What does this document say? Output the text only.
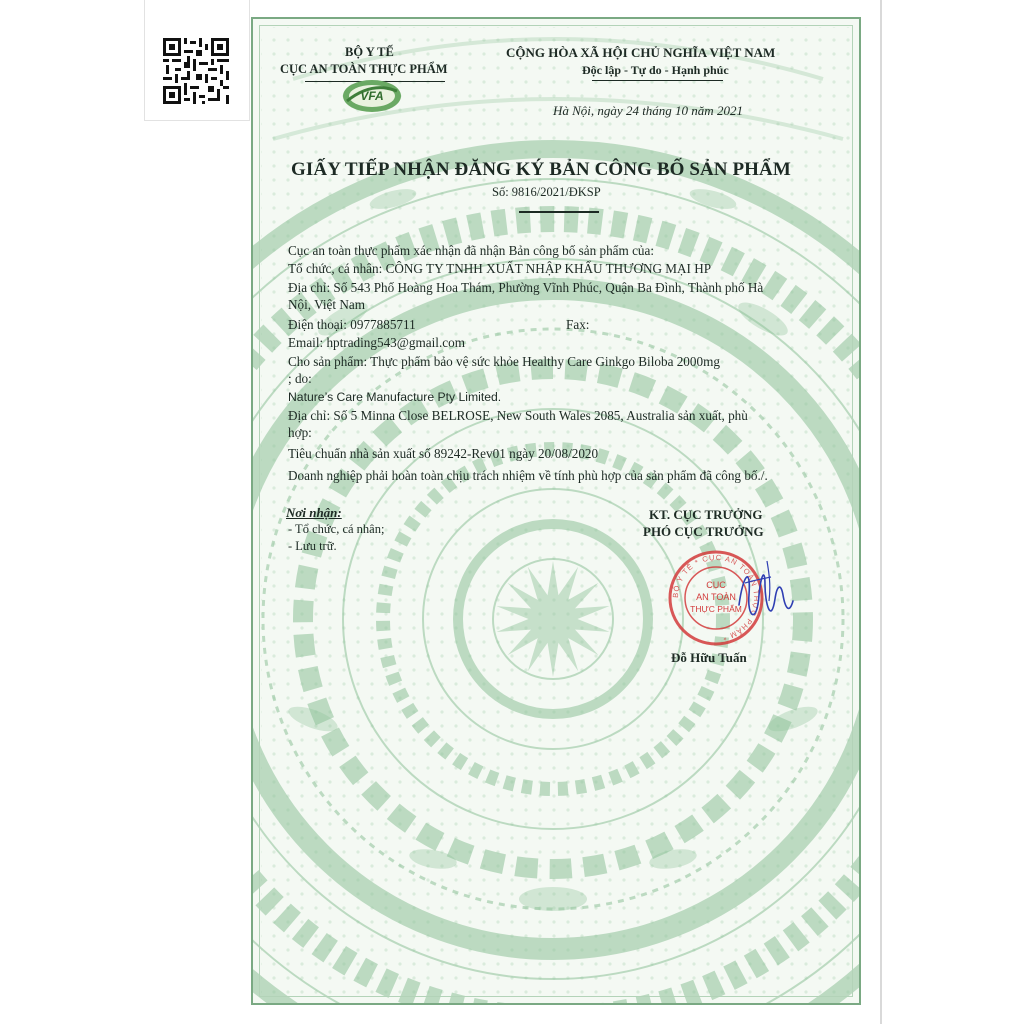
BỘ Y TẾ
CỤC AN TOÀN THỰC PHẨM
VFA
CỘNG HÒA XÃ HỘI CHỦ NGHĨA VIỆT NAM
Độc lập - Tự do - Hạnh phúc
Hà Nội, ngày 24 tháng 10 năm 2021
GIẤY TIẾP NHẬN ĐĂNG KÝ BẢN CÔNG BỐ SẢN PHẨM
Số: 9816/2021/ĐKSP
Cục an toàn thực phẩm xác nhận đã nhận Bản công bố sản phẩm của:
Tổ chức, cá nhân: CÔNG TY TNHH XUẤT NHẬP KHẨU THƯƠNG MẠI HP
Địa chỉ: Số 543 Phố Hoàng Hoa Thám, Phường Vĩnh Phúc, Quận Ba Đình, Thành phố Hà
Nội, Việt Nam
Điện thoại: 0977885711	Fax:
Email: hptrading543@gmail.com
Cho sản phẩm: Thực phẩm bảo vệ sức khỏe Healthy Care Ginkgo Biloba 2000mg
; do:
Nature’s Care Manufacture Pty Limited.
Địa chỉ: Số 5 Minna Close BELROSE, New South Wales 2085, Australia sản xuất, phù
hợp:
Tiêu chuẩn nhà sản xuất số 89242-Rev01 ngày 20/08/2020
Doanh nghiệp phải hoàn toàn chịu trách nhiệm về tính phù hợp của sản phẩm đã công bố./.
Nơi nhận:
- Tổ chức, cá nhân;
- Lưu trữ.
KT. CỤC TRƯỞNG
PHÓ CỤC TRƯỞNG
BỘ Y TẾ * CỤC AN TOÀN THỰC PHẨM *
CỤC
AN TOÀN
THỰC PHẨM
Đỗ Hữu Tuấn
